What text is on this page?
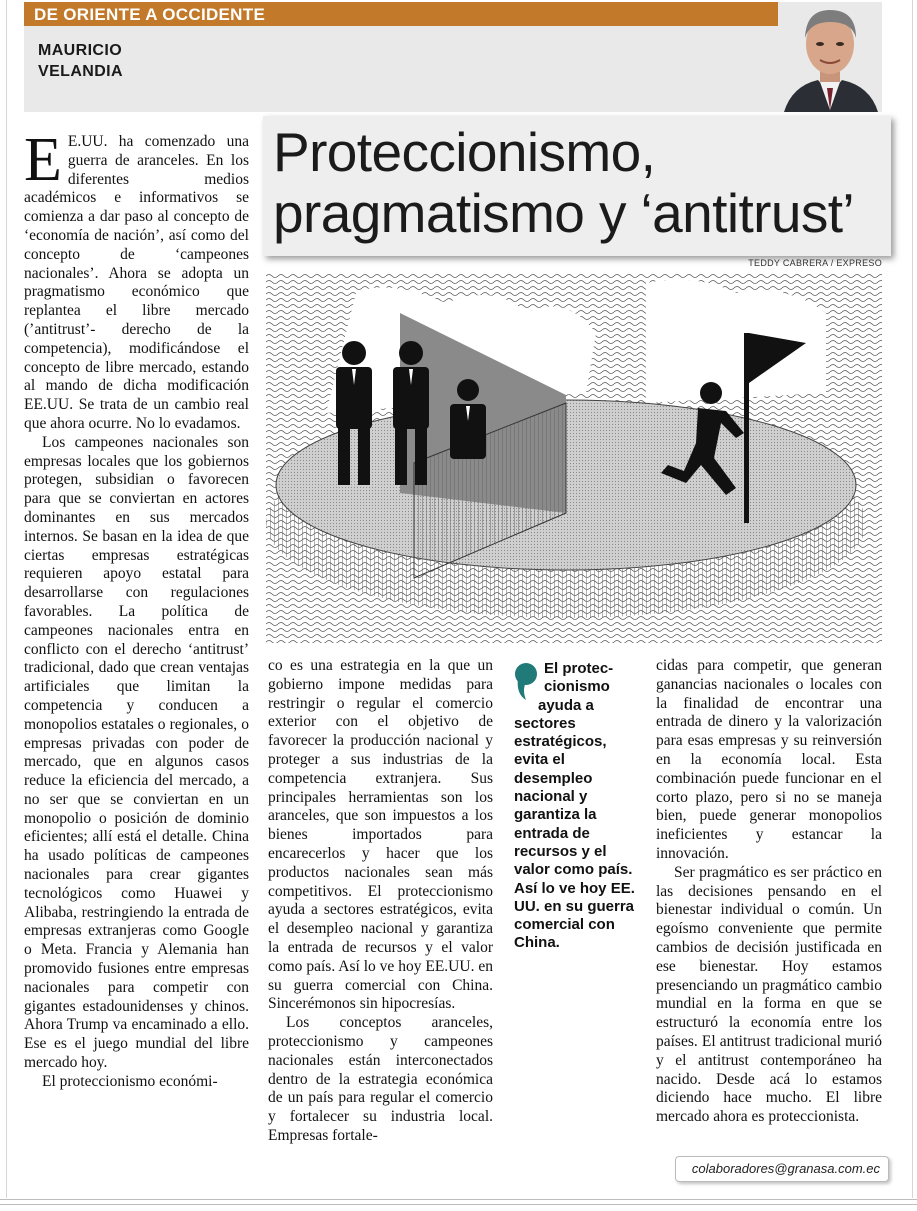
DE ORIENTE A OCCIDENTE
MAURICIO
VELANDIA
Proteccionismo,
pragmatismo y ‘antitrust’
TEDDY CABRERA / EXPRESO

E E.UU. ha comenzado una guerra de aranceles. En los diferentes medios académicos e informativos se comienza a dar paso al concepto de ‘economía de nación’, así como del concepto de ‘campeones nacionales’. Ahora se adopta un pragmatismo económico que replantea el libre mercado (’antitrust’- derecho de la competencia), modificándose el concepto de libre mercado, estando al mando de dicha modificación EE.UU. Se trata de un cambio real que ahora ocurre. No lo evadamos.

Los campeones nacionales son empresas locales que los gobiernos protegen, subsidian o favorecen para que se conviertan en actores dominantes en sus mercados internos. Se basan en la idea de que ciertas empresas estratégicas requieren apoyo estatal para desarrollarse con regulaciones favorables. La política de campeones nacionales entra en conflicto con el derecho ‘antitrust’ tradicional, dado que crean ventajas artificiales que limitan la competencia y conducen a monopolios estatales o regionales, o empresas privadas con poder de mercado, que en algunos casos reduce la eficiencia del mercado, a no ser que se conviertan en un monopolio o posición de dominio eficientes; allí está el detalle. China ha usado políticas de campeones nacionales para crear gigantes tecnológicos como Huawei y Alibaba, restringiendo la entrada de empresas extranjeras como Google o Meta. Francia y Alemania han promovido fusiones entre empresas nacionales para competir con gigantes estadounidenses y chinos. Ahora Trump va encaminado a ello. Ese es el juego mundial del libre mercado hoy.

El proteccionismo económi-

co es una estrategia en la que un gobierno impone medidas para restringir o regular el comercio exterior con el objetivo de favorecer la producción nacional y proteger a sus industrias de la competencia extranjera. Sus principales herramientas son los aranceles, que son impuestos a los bienes importados para encarecerlos y hacer que los productos nacionales sean más competitivos. El proteccionismo ayuda a sectores estratégicos, evita el desempleo nacional y garantiza la entrada de recursos y el valor como país. Así lo ve hoy EE.UU. en su guerra comercial con China. Sincerémonos sin hipocresías.

Los conceptos aranceles, proteccionismo y campeones nacionales están interconectados dentro de la estrategia económica de un país para regular el comercio y fortalecer su industria local. Empresas fortale-

El protec-
cionismo
ayuda a
sectores estratégicos, evita el desempleo nacional y garantiza la entrada de recursos y el valor como país. Así lo ve hoy EE. UU. en su guerra comercial con China.

cidas para competir, que generan ganancias nacionales o locales con la finalidad de encontrar una entrada de dinero y la valorización para esas empresas y su reinversión en la economía local. Esta combinación puede funcionar en el corto plazo, pero si no se maneja bien, puede generar monopolios ineficientes y estancar la innovación.

Ser pragmático es ser práctico en las decisiones pensando en el bienestar individual o común. Un egoísmo conveniente que permite cambios de decisión justificada en ese bienestar. Hoy estamos presenciando un pragmático cambio mundial en la forma en que se estructuró la economía entre los países. El antitrust tradicional murió y el antitrust contemporáneo ha nacido. Desde acá lo estamos diciendo hace mucho. El libre mercado ahora es proteccionista.

colaboradores@granasa.com.ec
